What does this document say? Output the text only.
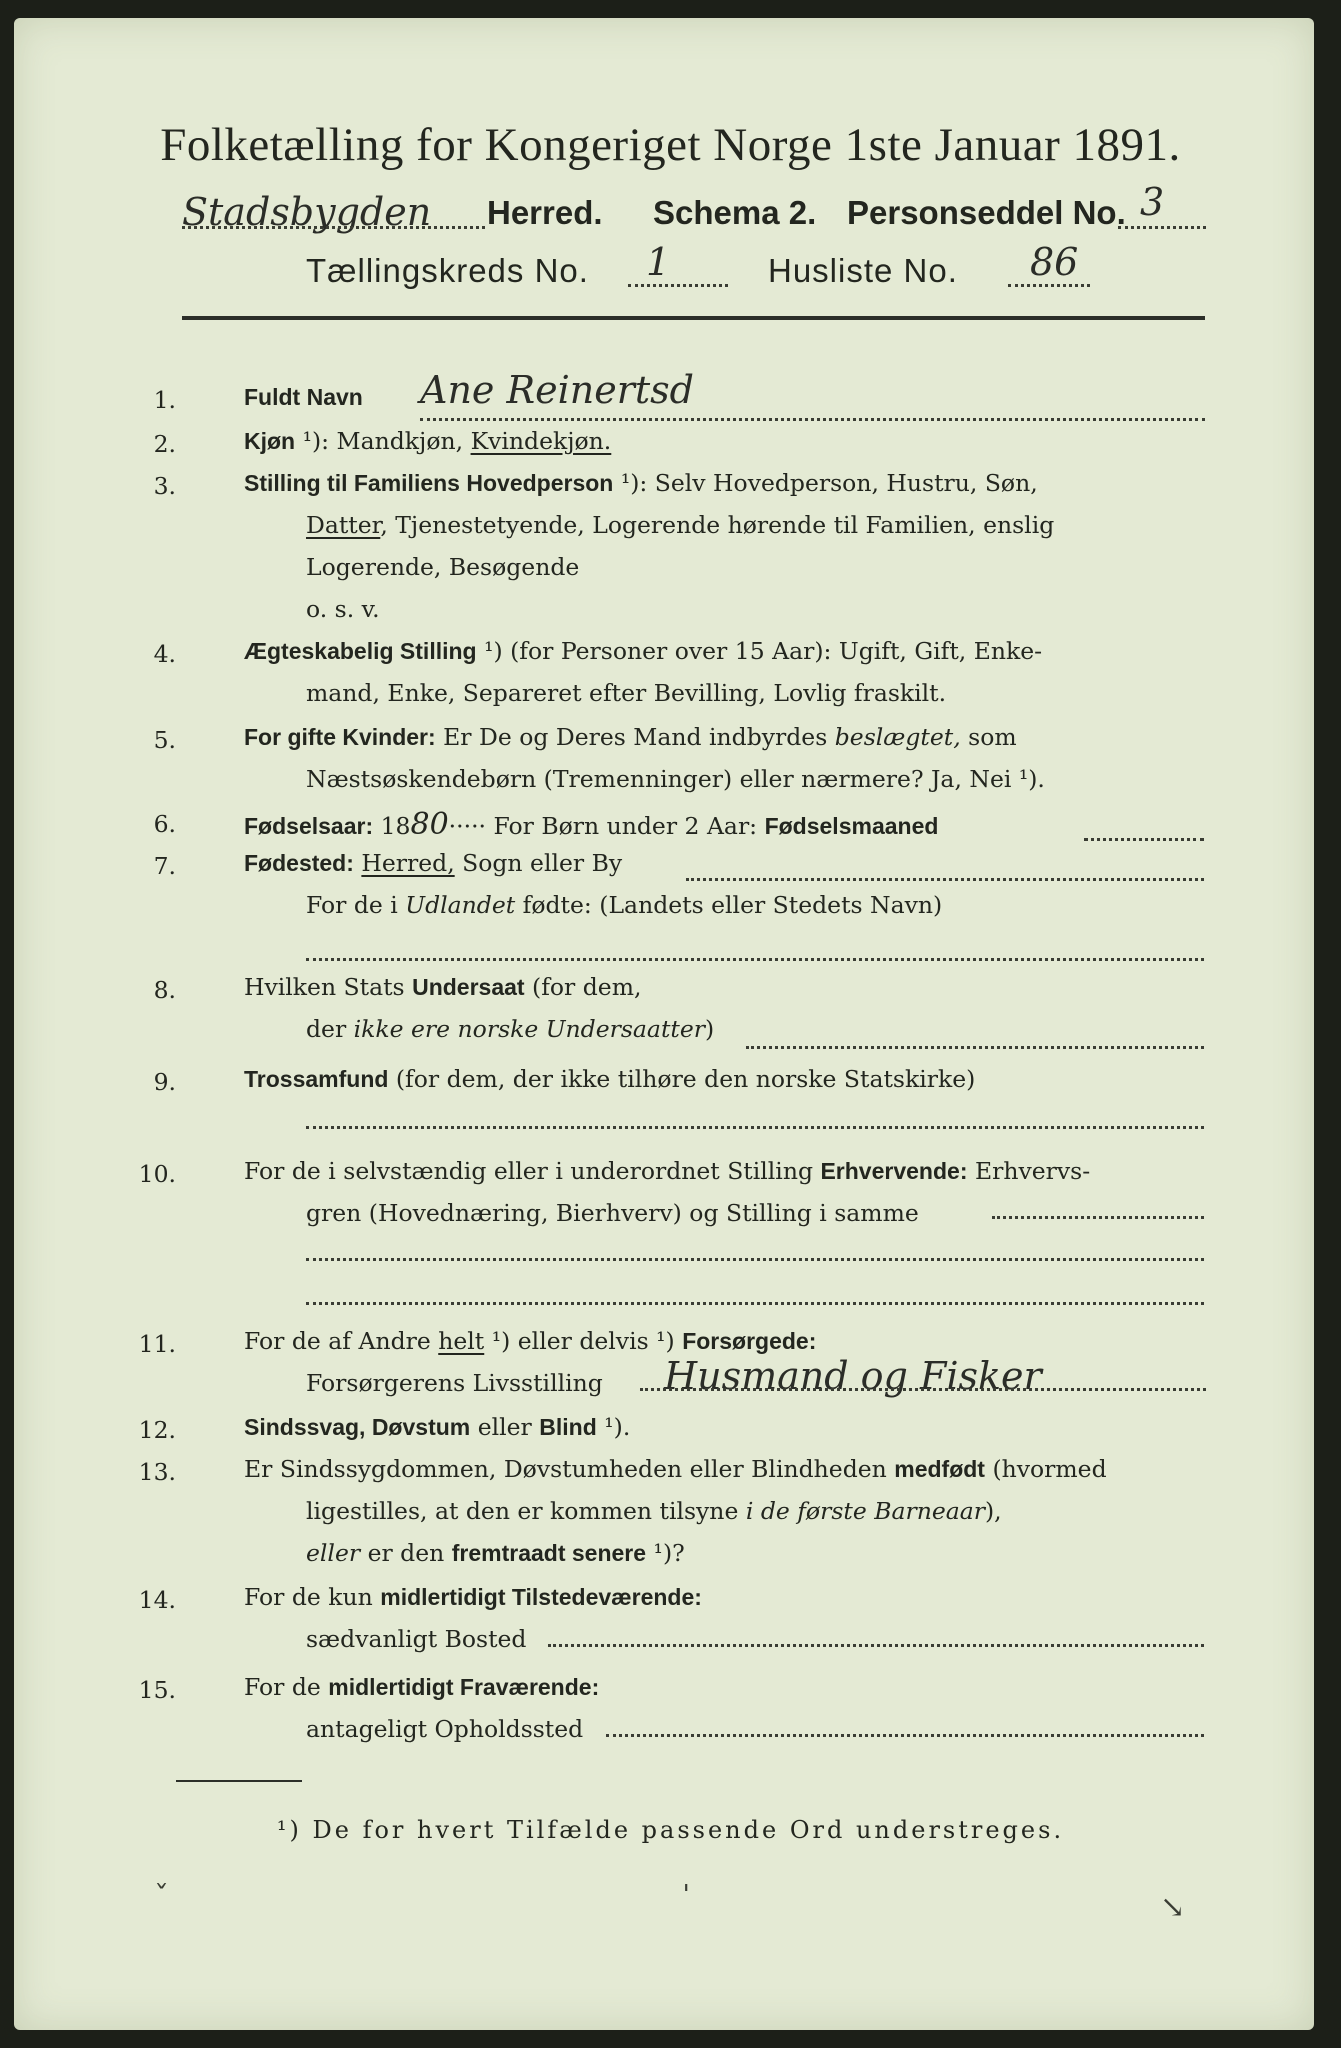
Folketælling for Kongeriget Norge 1ste Januar 1891.
Stadsbygden Herred. Schema 2. Personseddel No. 3
Tællingskreds No. 1	Husliste No. 86
1.	Fuldt Navn Ane Reinertsd
2.	Kjøn ¹): Mandkjøn, Kvindekjøn.
3.	Stilling til Familiens Hovedperson ¹): Selv Hovedperson, Hustru, Søn,
Datter, Tjenestetyende, Logerende hørende til Familien, enslig
Logerende, Besøgende
o. s. v.
4.	Ægteskabelig Stilling ¹) (for Personer over 15 Aar): Ugift, Gift, Enke-
mand, Enke, Separeret efter Bevilling, Lovlig fraskilt.
5.	For gifte Kvinder: Er De og Deres Mand indbyrdes beslægtet, som
Næstsøskendebørn (Tremenninger) eller nærmere? Ja, Nei ¹).
6.	Fødselsaar: 1880····· For Børn under 2 Aar: Fødselsmaaned
7.	Fødested: Herred, Sogn eller By
For de i Udlandet fødte: (Landets eller Stedets Navn)
8.	Hvilken Stats Undersaat (for dem,
der ikke ere norske Undersaatter)
9.	Trossamfund (for dem, der ikke tilhøre den norske Statskirke)
10.	For de i selvstændig eller i underordnet Stilling Erhvervende: Erhvervs-
gren (Hovednæring, Bierhverv) og Stilling i samme
11.	For de af Andre helt ¹) eller delvis ¹) Forsørgede:
Forsørgerens Livsstilling Husmand og Fisker
12.	Sindssvag, Døvstum eller Blind ¹).
13.	Er Sindssygdommen, Døvstumheden eller Blindheden medfødt (hvormed
ligestilles, at den er kommen tilsyne i de første Barneaar),
eller er den fremtraadt senere ¹)?
14.	For de kun midlertidigt Tilstedeværende:
sædvanligt Bosted
15.	For de midlertidigt Fraværende:
antageligt Opholdssted
¹) De for hvert Tilfælde passende Ord understreges.
ˇ	ˈ	↘
